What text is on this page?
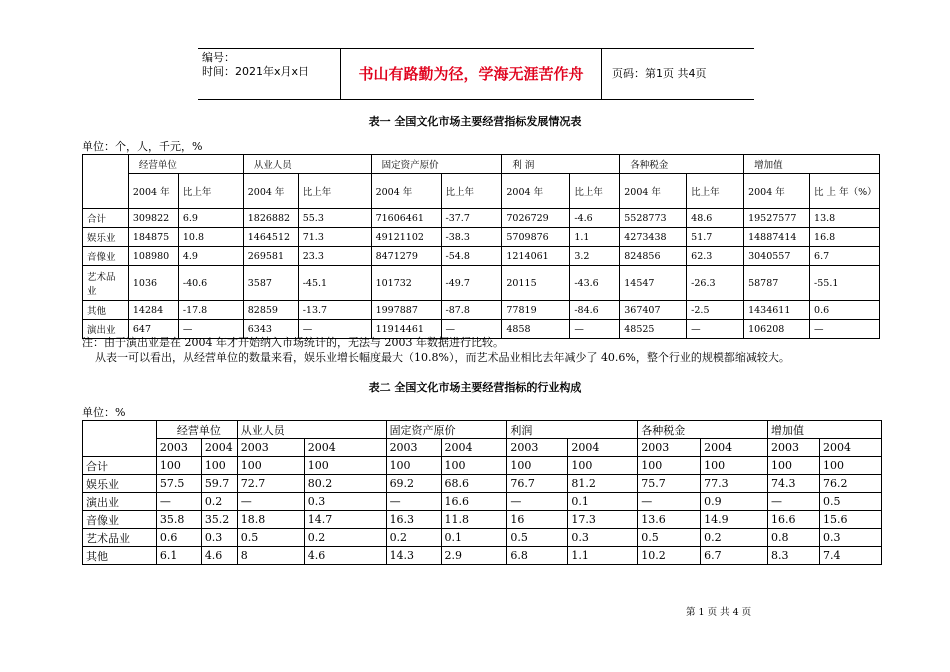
编号：
时间：2021年x月x日	书山有路勤为径，学海无涯苦作舟	页码：第1页 共4页
表一 全国文化市场主要经营指标发展情况表
单位：个，人，千元，%
	经营单位		从业人员		固定资产原价		利 润		各种税金		增加值	
	2004 年	比上年	2004 年	比上年	2004 年	比上年	2004 年	比上年	2004 年	比上年	2004 年	比 上 年（%）
合计	309822	6.9	1826882	55.3	71606461	-37.7	7026729	-4.6	5528773	48.6	19527577	13.8
娱乐业	184875	10.8	1464512	71.3	49121102	-38.3	5709876	1.1	4273438	51.7	14887414	16.8
音像业	108980	4.9	269581	23.3	8471279	-54.8	1214061	3.2	824856	62.3	3040557	6.7
艺术品业	1036	-40.6	3587	-45.1	101732	-49.7	20115	-43.6	14547	-26.3	58787	-55.1
其他	14284	-17.8	82859	-13.7	1997887	-87.8	77819	-84.6	367407	-2.5	1434611	0.6
演出业	647	—	6343	—	11914461	—	4858	—	48525	—	106208	—
注：由于演出业是在 2004 年才开始纳入市场统计的，无法与 2003 年数据进行比较。
从表一可以看出，从经营单位的数量来看，娱乐业增长幅度最大（10.8%），而艺术品业相比去年减少了 40.6%，整个行业的规模都缩减较大。
表二 全国文化市场主要经营指标的行业构成
单位：%
	经营单位		从业人员		固定资产原价		利润		各种税金		增加值	
	2003	2004	2003	2004	2003	2004	2003	2004	2003	2004	2003	2004
合计	100	100	100	100	100	100	100	100	100	100	100	100
娱乐业	57.5	59.7	72.7	80.2	69.2	68.6	76.7	81.2	75.7	77.3	74.3	76.2
演出业	—	0.2	—	0.3	—	16.6	—	0.1	—	0.9	—	0.5
音像业	35.8	35.2	18.8	14.7	16.3	11.8	16	17.3	13.6	14.9	16.6	15.6
艺术品业	0.6	0.3	0.5	0.2	0.2	0.1	0.5	0.3	0.5	0.2	0.8	0.3
其他	6.1	4.6	8	4.6	14.3	2.9	6.8	1.1	10.2	6.7	8.3	7.4
第 1 页 共 4 页
